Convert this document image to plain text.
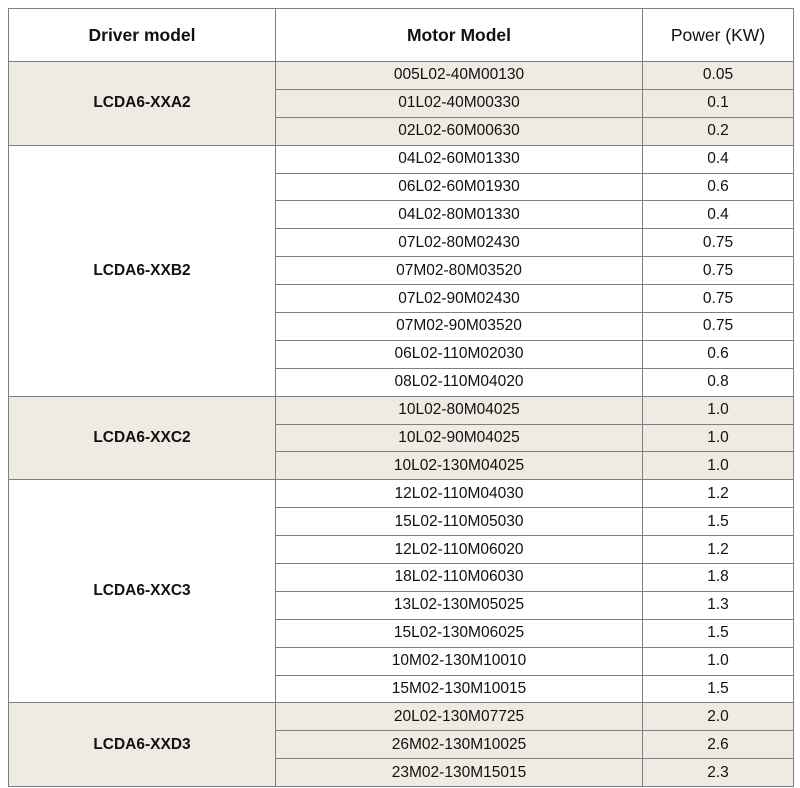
Driver model	Motor Model	Power (KW)
LCDA6-XXA2	005L02-40M00130	0.05
	01L02-40M00330	0.1
	02L02-60M00630	0.2
LCDA6-XXB2	04L02-60M01330	0.4
	06L02-60M01930	0.6
	04L02-80M01330	0.4
	07L02-80M02430	0.75
	07M02-80M03520	0.75
	07L02-90M02430	0.75
	07M02-90M03520	0.75
	06L02-110M02030	0.6
	08L02-110M04020	0.8
LCDA6-XXC2	10L02-80M04025	1.0
	10L02-90M04025	1.0
	10L02-130M04025	1.0
LCDA6-XXC3	12L02-110M04030	1.2
	15L02-110M05030	1.5
	12L02-110M06020	1.2
	18L02-110M06030	1.8
	13L02-130M05025	1.3
	15L02-130M06025	1.5
	10M02-130M10010	1.0
	15M02-130M10015	1.5
LCDA6-XXD3	20L02-130M07725	2.0
	26M02-130M10025	2.6
	23M02-130M15015	2.3
